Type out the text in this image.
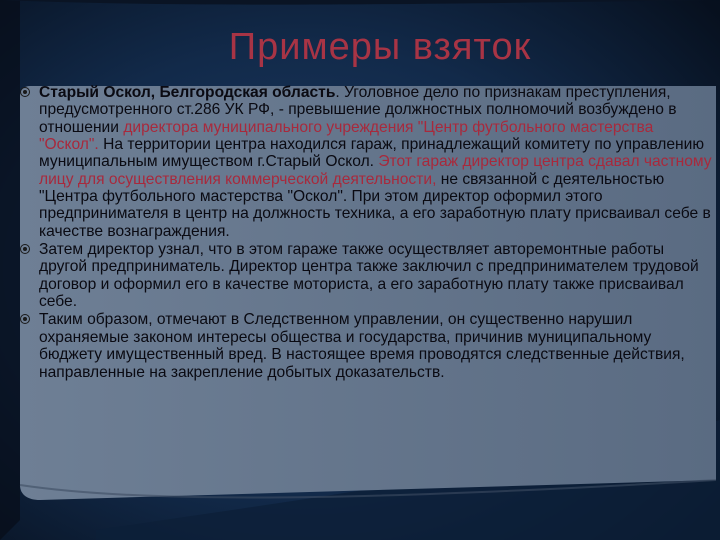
Примеры взяток
Старый Оскол, Белгородская область. Уголовное дело по признакам преступления, предусмотренного ст.286 УК РФ, - превышение должностных полномочий возбуждено в отношении директора муниципального учреждения "Центр футбольного мастерства "Оскол". На территории центра находился гараж, принадлежащий комитету по управлению муниципальным имуществом г.Старый Оскол. Этот гараж директор центра сдавал частному лицу для осуществления коммерческой деятельности, не связанной с деятельностью "Центра футбольного мастерства "Оскол". При этом директор оформил этого предпринимателя в центр на должность техника, а его заработную плату присваивал себе в качестве вознаграждения.
Затем директор узнал, что в этом гараже также осуществляет авторемонтные работы другой предприниматель. Директор центра также заключил с предпринимателем трудовой договор и оформил его в качестве моториста, а его заработную плату также присваивал себе.
Таким образом, отмечают в Следственном управлении, он существенно нарушил охраняемые законом интересы общества и государства, причинив муниципальному бюджету имущественный вред. В настоящее время проводятся следственные действия, направленные на закрепление добытых доказательств.
